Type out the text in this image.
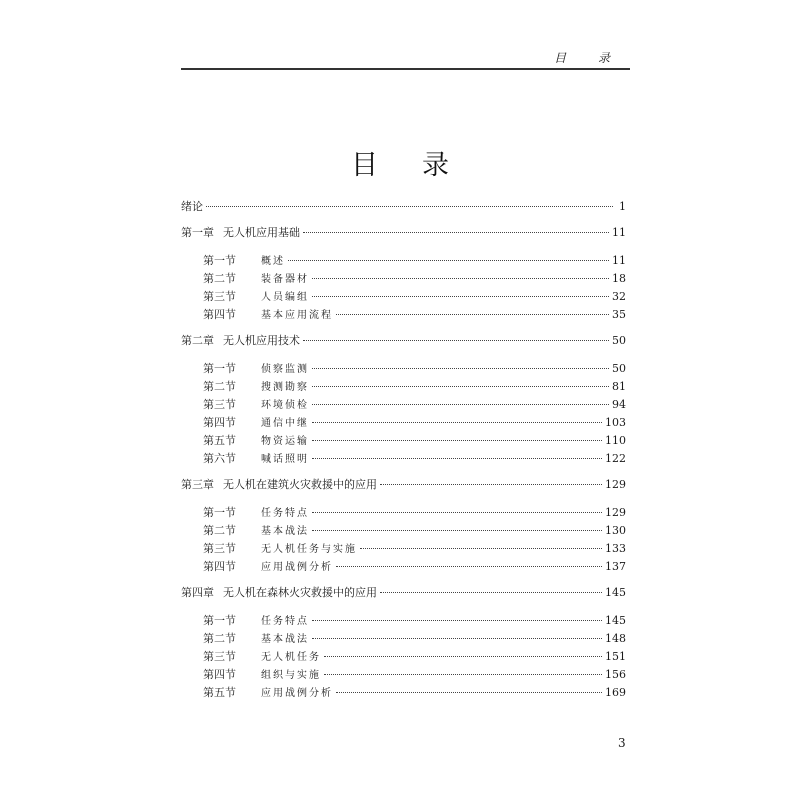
目 录
目录
绪论	1
第一章 无人机应用基础	11
第一节	概述	11
第二节	装备器材	18
第三节	人员编组	32
第四节	基本应用流程	35
第二章 无人机应用技术	50
第一节	侦察监测	50
第二节	搜测勘察	81
第三节	环境侦检	94
第四节	通信中继	103
第五节	物资运输	110
第六节	喊话照明	122
第三章 无人机在建筑火灾救援中的应用	129
第一节	任务特点	129
第二节	基本战法	130
第三节	无人机任务与实施	133
第四节	应用战例分析	137
第四章 无人机在森林火灾救援中的应用	145
第一节	任务特点	145
第二节	基本战法	148
第三节	无人机任务	151
第四节	组织与实施	156
第五节	应用战例分析	169
3
